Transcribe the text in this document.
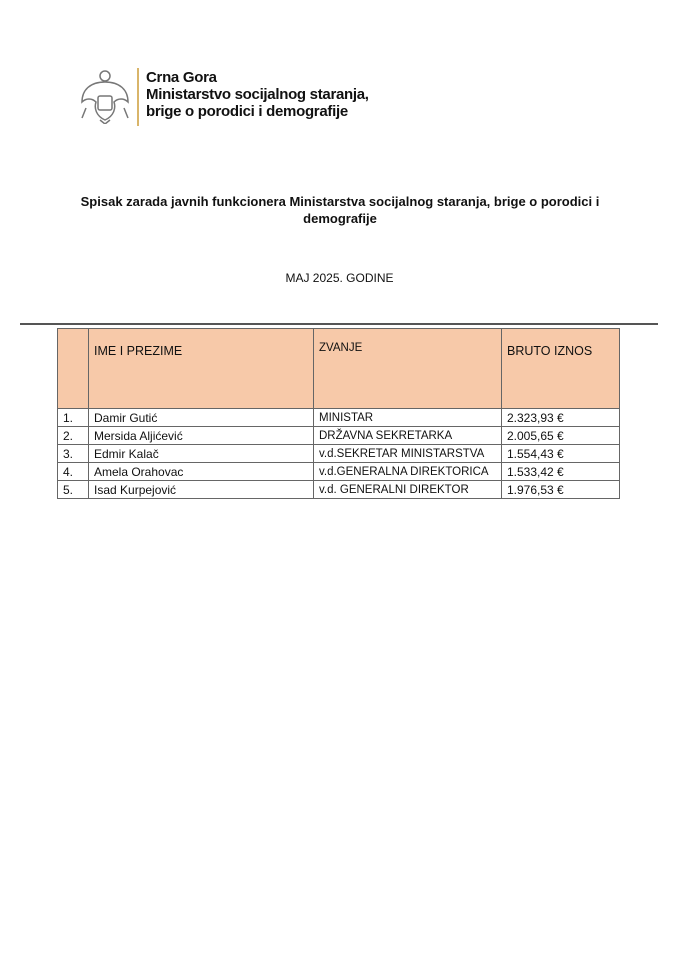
Crna Gora
Ministarstvo socijalnog staranja,
brige o porodici i demografije
Spisak zarada javnih funkcionera Ministarstva socijalnog staranja, brige o porodici i demografije
MAJ 2025. GODINE
	IME I PREZIME	ZVANJE	BRUTO IZNOS
1.	Damir Gutić	MINISTAR	2.323,93 €
2.	Mersida Aljićević	DRŽAVNA SEKRETARKA	2.005,65 €
3.	Edmir Kalač	v.d.SEKRETAR MINISTARSTVA	1.554,43 €
4.	Amela Orahovac	v.d.GENERALNA DIREKTORICA	1.533,42 €
5.	Isad Kurpejović	v.d. GENERALNI DIREKTOR	1.976,53 €
